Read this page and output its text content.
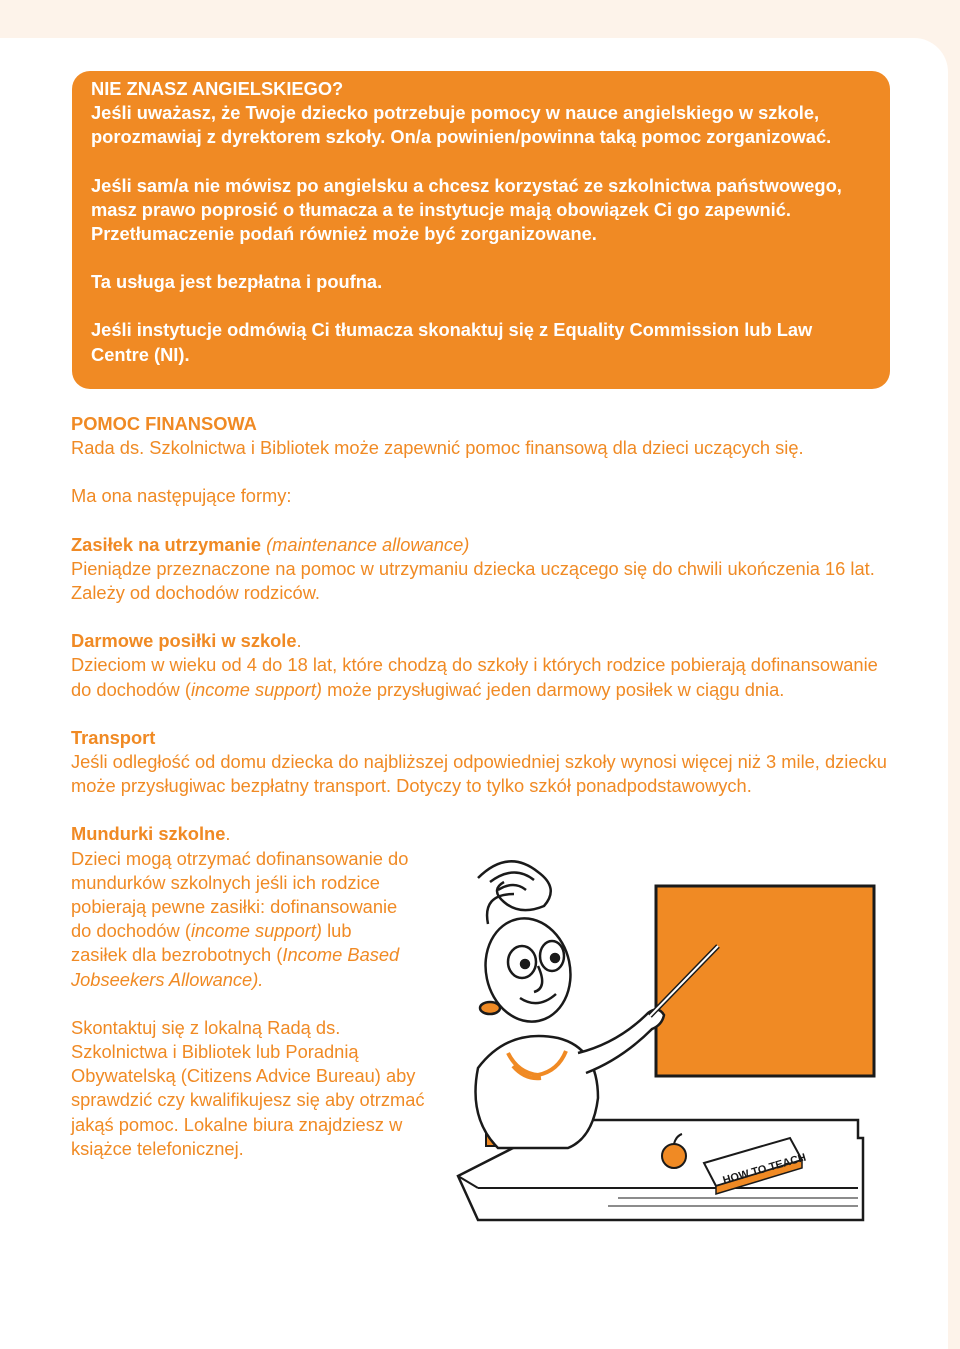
NIE ZNASZ ANGIELSKIEGO?

Jeśli uważasz, że Twoje dziecko potrzebuje pomocy w nauce angielskiego w szkole, porozmawiaj z dyrektorem szkoły. On/a powinien/powinna taką pomoc zorganizować.

Jeśli sam/a nie mówisz po angielsku a chcesz korzystać ze szkolnictwa państwowego, masz prawo poprosić o tłumacza a te instytucje mają obowiązek Ci go zapewnić. Przetłumaczenie podań również może być zorganizowane.

Ta usługa jest bezpłatna i poufna.

Jeśli instytucje odmówią Ci tłumacza skonaktuj się z Equality Commission lub Law Centre (NI).

POMOC FINANSOWA

Rada ds. Szkolnictwa i Bibliotek może zapewnić pomoc finansową dla dzieci uczących się.

Ma ona następujące formy:

Zasiłek na utrzymanie (maintenance allowance)

Pieniądze przeznaczone na pomoc w utrzymaniu dziecka uczącego się do chwili ukończenia 16 lat. Zależy od dochodów rodziców.

Darmowe posiłki w szkole.

Dzieciom w wieku od 4 do 18 lat, które chodzą do szkoły i których rodzice pobierają dofinansowanie do dochodów (income support) może przysługiwać jeden darmowy posiłek w ciągu dnia.

Transport

Jeśli odległość od domu dziecka do najbliższej odpowiedniej szkoły wynosi więcej niż 3 mile, dziecku może przysługiwac bezpłatny transport. Dotyczy to tylko szkół ponadpodstawowych.

Mundurki szkolne.

Dzieci mogą otrzymać dofinansowanie do mundurków szkolnych jeśli ich rodzice pobierają pewne zasiłki: dofinansowanie do dochodów (income support) lub zasiłek dla bezrobotnych (Income Based Jobseekers Allowance).

Skontaktuj się z lokalną Radą ds. Szkolnictwa i Bibliotek lub Poradnią Obywatelską (Citizens Advice Bureau) aby sprawdzić czy kwalifikujesz się aby otrzmać jakąś pomoc. Lokalne biura znajdziesz w książce telefonicznej.

HOW TO TEACH
